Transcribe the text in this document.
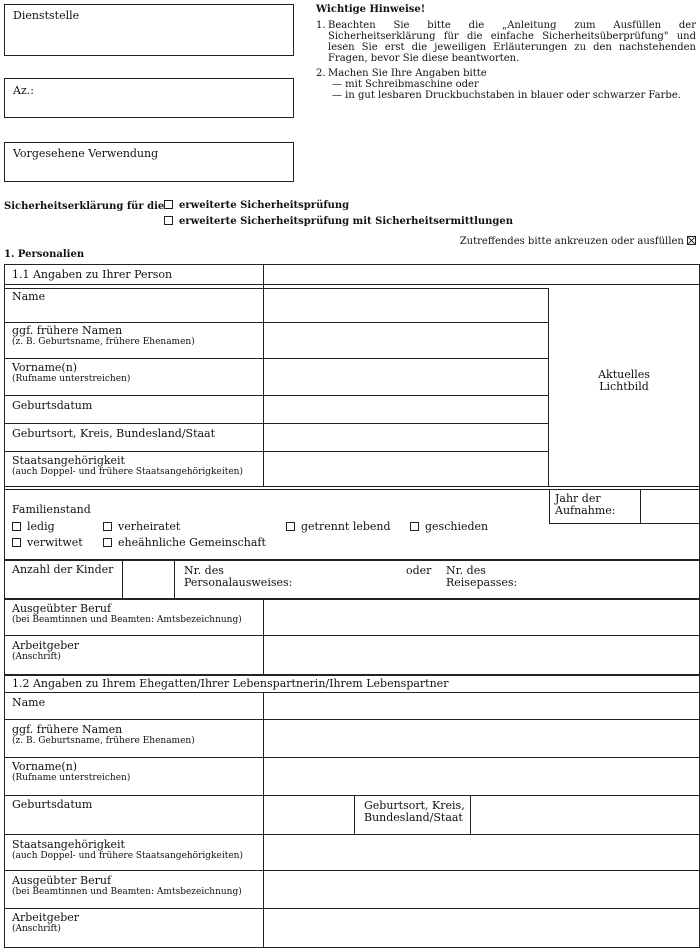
Dienststelle
Az.:
Vorgesehene Verwendung
Wichtige Hinweise!
1. Beachten Sie bitte die „Anleitung zum Ausfüllen der Sicherheitserklärung für die einfache Sicherheitsüberprüfung" und lesen Sie erst die jeweiligen Erläuterungen zu den nachstehenden Fragen, bevor Sie diese beantworten.
2. Machen Sie Ihre Angaben bitte
— mit Schreibmaschine oder
— in gut lesbaren Druckbuchstaben in blauer oder schwarzer Farbe.
Sicherheitserklärung für die	erweiterte Sicherheitsprüfung
erweiterte Sicherheitsprüfung mit Sicherheitsermittlungen
Zutreffendes bitte ankreuzen oder ausfüllen
1. Personalien
1.1 Angaben zu Ihrer Person
Name
ggf. frühere Namen
(z. B. Geburtsname, frühere Ehenamen)
Vorname(n)
(Rufname unterstreichen)
Geburtsdatum
Geburtsort, Kreis, Bundesland/Staat
Staatsangehörigkeit
(auch Doppel- und frühere Staatsangehörigkeiten)
Aktuelles
Lichtbild
Familienstand
ledig	verheiratet	getrennt lebend	geschieden
verwitwet	eheähnliche Gemeinschaft
Jahr der
Aufnahme:
Anzahl der Kinder	Nr. des
Personalausweises:
oder Nr. des
Reisepasses:
Ausgeübter Beruf
(bei Beamtinnen und Beamten: Amtsbezeichnung)
Arbeitgeber
(Anschrift)
1.2 Angaben zu Ihrem Ehegatten/Ihrer Lebenspartnerin/Ihrem Lebenspartner
Name
ggf. frühere Namen
(z. B. Geburtsname, frühere Ehenamen)
Vorname(n)
(Rufname unterstreichen)
Geburtsdatum	Geburtsort, Kreis,
Bundesland/Staat
Staatsangehörigkeit
(auch Doppel- und frühere Staatsangehörigkeiten)
Ausgeübter Beruf
(bei Beamtinnen und Beamten: Amtsbezeichnung)
Arbeitgeber
(Anschrift)
